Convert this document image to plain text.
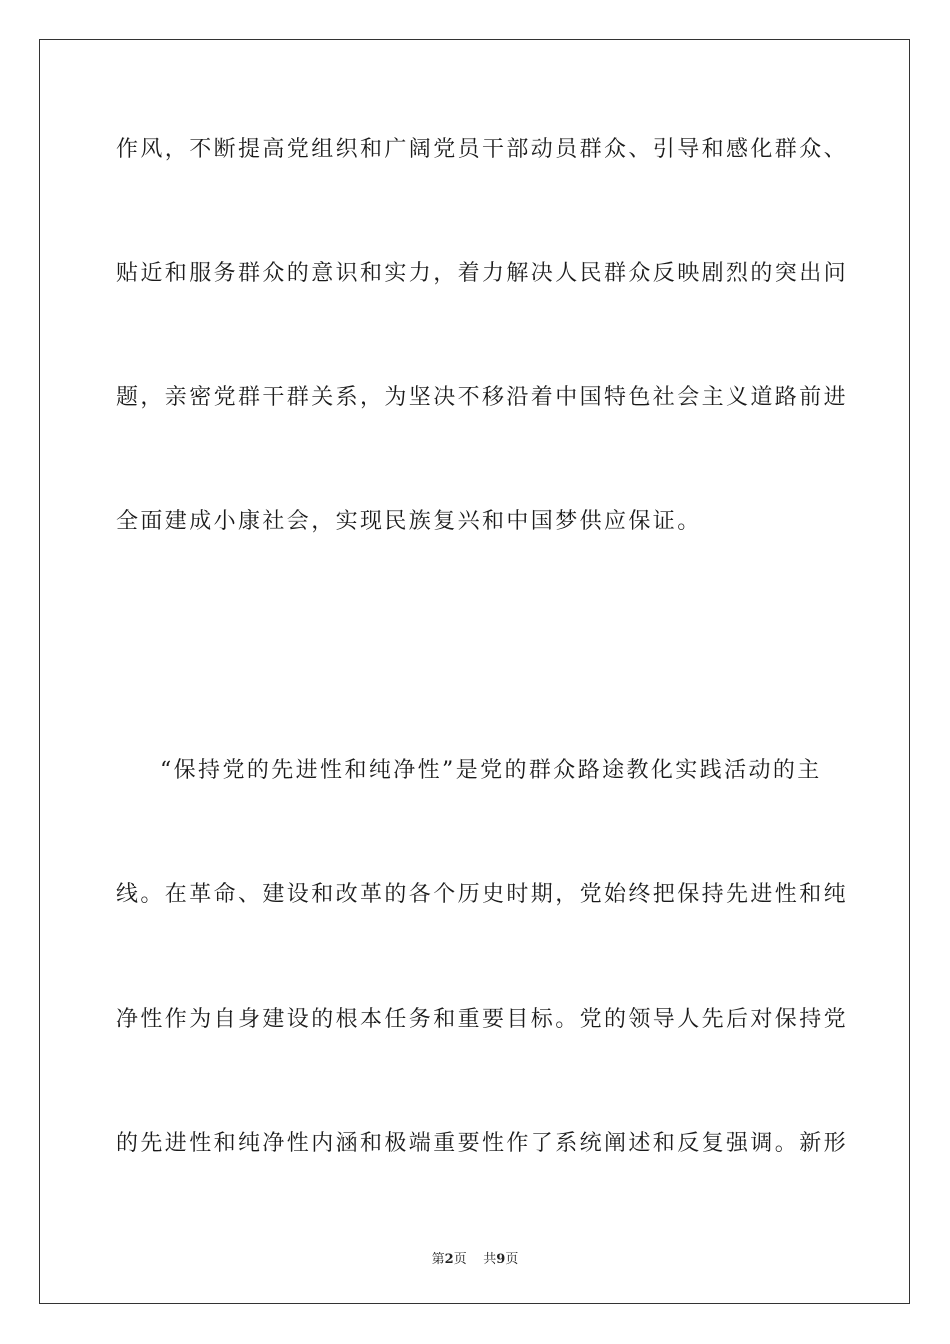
作风，不断提高党组织和广阔党员干部动员群众、引导和感化群众、
贴近和服务群众的意识和实力，着力解决人民群众反映剧烈的突出问
题，亲密党群干群关系，为坚决不移沿着中国特色社会主义道路前进
全面建成小康社会，实现民族复兴和中国梦供应保证。
“保持党的先进性和纯净性”是党的群众路途教化实践活动的主
线。在革命、建设和改革的各个历史时期，党始终把保持先进性和纯
净性作为自身建设的根本任务和重要目标。党的领导人先后对保持党
的先进性和纯净性内涵和极端重要性作了系统阐述和反复强调。新形
第2页 共9页
